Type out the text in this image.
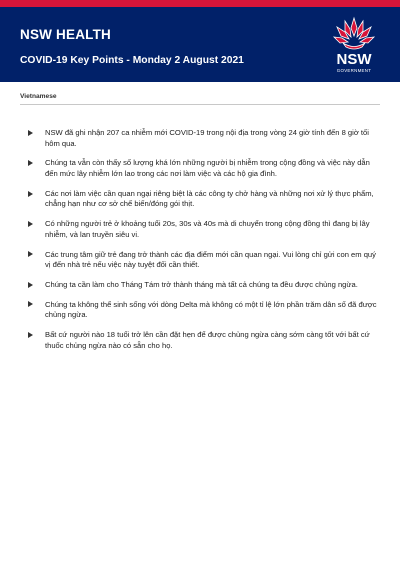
NSW HEALTH
COVID-19 Key Points - Monday 2 August 2021	NSW
GOVERNMENT
Vietnamese
NSW đã ghi nhận 207 ca nhiễm mới COVID-19 trong nội địa trong vòng 24 giờ tính đến 8 giờ tối hôm qua.
Chúng ta vẫn còn thấy số lượng khá lớn những người bị nhiễm trong cộng đồng và việc này dẫn đến mức lây nhiễm lớn lao trong các nơi làm việc và các hộ gia đình.
Các nơi làm việc cần quan ngại riêng biệt là các công ty chở hàng và những nơi xử lý thực phẩm, chẳng hạn như cơ sở chế biến/đóng gói thịt.
Có những người trẻ ở khoảng tuổi 20s, 30s và 40s mà di chuyển trong cộng đồng thì đang bị lây nhiễm, và lan truyền siêu vi.
Các trung tâm giữ trẻ đang trở thành các địa điểm mới cần quan ngại. Vui lòng chỉ gửi con em quý vị đến nhà trẻ nếu việc này tuyệt đối cần thiết.
Chúng ta cần làm cho Tháng Tám trở thành tháng mà tất cả chúng ta đều được chủng ngừa.
Chúng ta không thể sinh sống với dòng Delta mà không có một tỉ lệ lớn phần trăm dân số đã được chủng ngừa.
Bất cứ người nào 18 tuổi trở lên cần đặt hẹn để được chủng ngừa càng sớm càng tốt với bất cứ thuốc chủng ngừa nào có sẵn cho họ.
